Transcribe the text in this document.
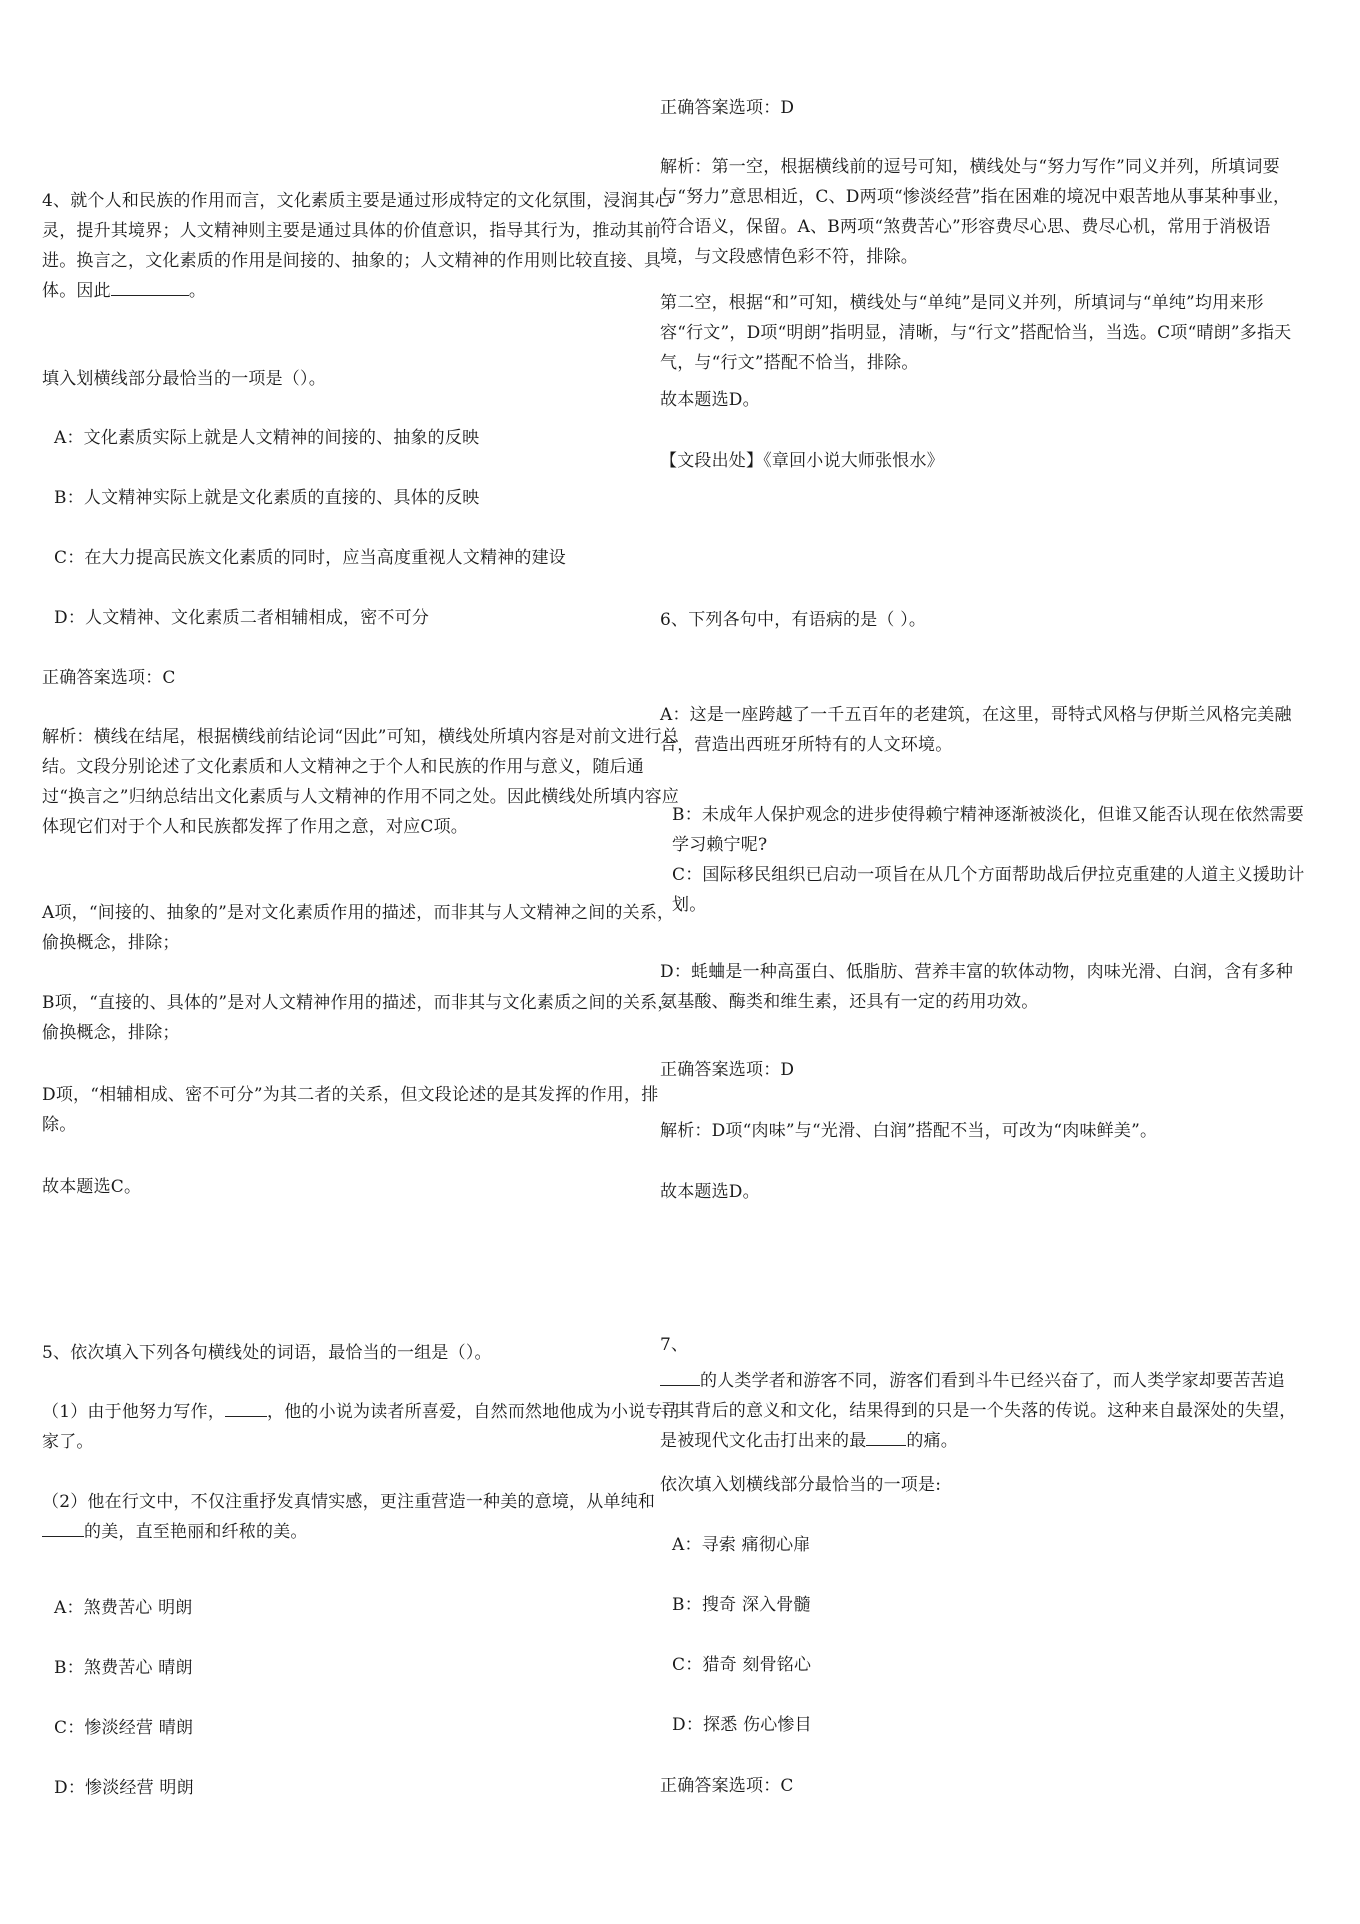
4、就个人和民族的作用而言，文化素质主要是通过形成特定的文化氛围，浸润其心灵，提升其境界；人文精神则主要是通过具体的价值意识，指导其行为，推动其前进。换言之，文化素质的作用是间接的、抽象的；人文精神的作用则比较直接、具体。因此	。
填入划横线部分最恰当的一项是（）。
A：文化素质实际上就是人文精神的间接的、抽象的反映
B：人文精神实际上就是文化素质的直接的、具体的反映
C：在大力提高民族文化素质的同时，应当高度重视人文精神的建设
D：人文精神、文化素质二者相辅相成，密不可分
正确答案选项：C
解析：横线在结尾，根据横线前结论词“因此”可知，横线处所填内容是对前文进行总结。文段分别论述了文化素质和人文精神之于个人和民族的作用与意义，随后通过“换言之”归纳总结出文化素质与人文精神的作用不同之处。因此横线处所填内容应体现它们对于个人和民族都发挥了作用之意，对应C项。
A项，“间接的、抽象的”是对文化素质作用的描述，而非其与人文精神之间的关系，偷换概念，排除；
B项，“直接的、具体的”是对人文精神作用的描述，而非其与文化素质之间的关系，偷换概念，排除；
D项，“相辅相成、密不可分”为其二者的关系，但文段论述的是其发挥的作用，排除。
故本题选C。
5、依次填入下列各句横线处的词语，最恰当的一组是（）。
（1）由于他努力写作， ，他的小说为读者所喜爱，自然而然地他成为小说专门家了。
（2）他在行文中，不仅注重抒发真情实感，更注重营造一种美的意境，从单纯和的美，直至艳丽和纤秾的美。
A：煞费苦心 明朗
B：煞费苦心 晴朗
C：惨淡经营 晴朗
D：惨淡经营 明朗
正确答案选项：D
解析：第一空，根据横线前的逗号可知，横线处与“努力写作”同义并列，所填词要与“努力”意思相近，C、D两项“惨淡经营”指在困难的境况中艰苦地从事某种事业，符合语义，保留。A、B两项“煞费苦心”形容费尽心思、费尽心机，常用于消极语境，与文段感情色彩不符，排除。
第二空，根据“和”可知，横线处与“单纯”是同义并列，所填词与“单纯”均用来形容“行文”，D项“明朗”指明显，清晰，与“行文”搭配恰当，当选。C项“晴朗”多指天气，与“行文”搭配不恰当，排除。
故本题选D。
【文段出处】《章回小说大师张恨水》
6、下列各句中，有语病的是（ ）。
A：这是一座跨越了一千五百年的老建筑，在这里，哥特式风格与伊斯兰风格完美融合，营造出西班牙所特有的人文环境。
B：未成年人保护观念的进步使得赖宁精神逐渐被淡化，但谁又能否认现在依然需要学习赖宁呢?
C：国际移民组织已启动一项旨在从几个方面帮助战后伊拉克重建的人道主义援助计划。
D：蚝蛐是一种高蛋白、低脂肪、营养丰富的软体动物，肉味光滑、白润，含有多种氨基酸、酶类和维生素，还具有一定的药用功效。
正确答案选项：D
解析：D项“肉味”与“光滑、白润”搭配不当，可改为“肉味鲜美”。
故本题选D。
7、
的人类学者和游客不同，游客们看到斗牛已经兴奋了，而人类学家却要苦苦追寻其背后的意义和文化，结果得到的只是一个失落的传说。这种来自最深处的失望，是被现代文化击打出来的最 的痛。
依次填入划横线部分最恰当的一项是:
A：寻索 痛彻心扉
B：搜奇 深入骨髓
C：猎奇 刻骨铭心
D：探悉 伤心惨目
正确答案选项：C
